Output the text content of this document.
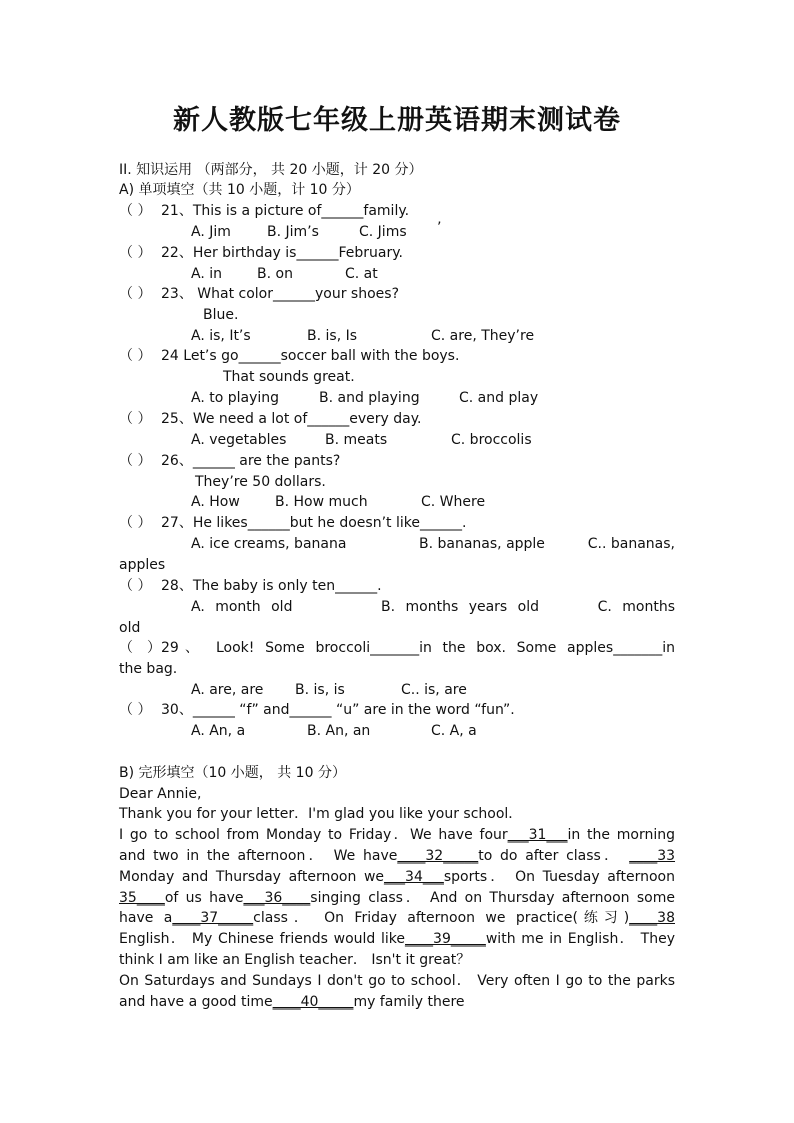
新人教版七年级上册英语期末测试卷
II. 知识运用 （两部分， 共 20 小题，计 20 分）
A) 单项填空（共 10 小题，计 10 分）
（ ） 21、This is a picture of______family.
A. Jim	B. Jim’s	C. Jims ’
（ ） 22、Her birthday is______February.
A. in	B. on	C. at
（ ） 23、 What color______your shoes?
Blue.
A. is, It’s	B. is, Is	C. are, They’re
（ ） 24 Let’s go______soccer ball with the boys.
That sounds great.
A. to playing	B. and playing	C. and play
（ ） 25、We need a lot of______every day.
A. vegetables	B. meats	C. broccolis
（ ） 26、______ are the pants?
They’re 50 dollars.
A. How	B. How much	C. Where
（ ） 27、He likes______but he doesn’t like______.
A. ice creams, banana	B. bananas, apple	C.. bananas,
apples
（ ） 28、The baby is only ten______.
A. month old	B. months years old	C. months
old
（ ）29、 Look! Some broccoli_______in the box. Some apples_______in
the bag.
A. are, are B. is, is	C.. is, are
（ ） 30、______ “f” and______ “u” are in the word “fun”.
A. An, a	B. An, an	C. A, a
B) 完形填空（10 小题， 共 10 分）
Dear Annie,
Thank you for your letter．I'm glad you like your school．
I go to school from Monday to Friday．We have four___31___in the morning
and two in the afternoon． We have____32_____to do after class． ____33
Monday and Thursday afternoon we___34___sports． On Tuesday afternoon
35____of us have___36____singing class． And on Thursday afternoon some
have a____37_____class． On Friday afternoon we practice(练习)____38
English． My Chinese friends would like____39_____with me in English． They
think I am like an English teacher． Isn't it great？
On Saturdays and Sundays I don't go to school． Very often I go to the parks
and have a good time____40_____my family there
